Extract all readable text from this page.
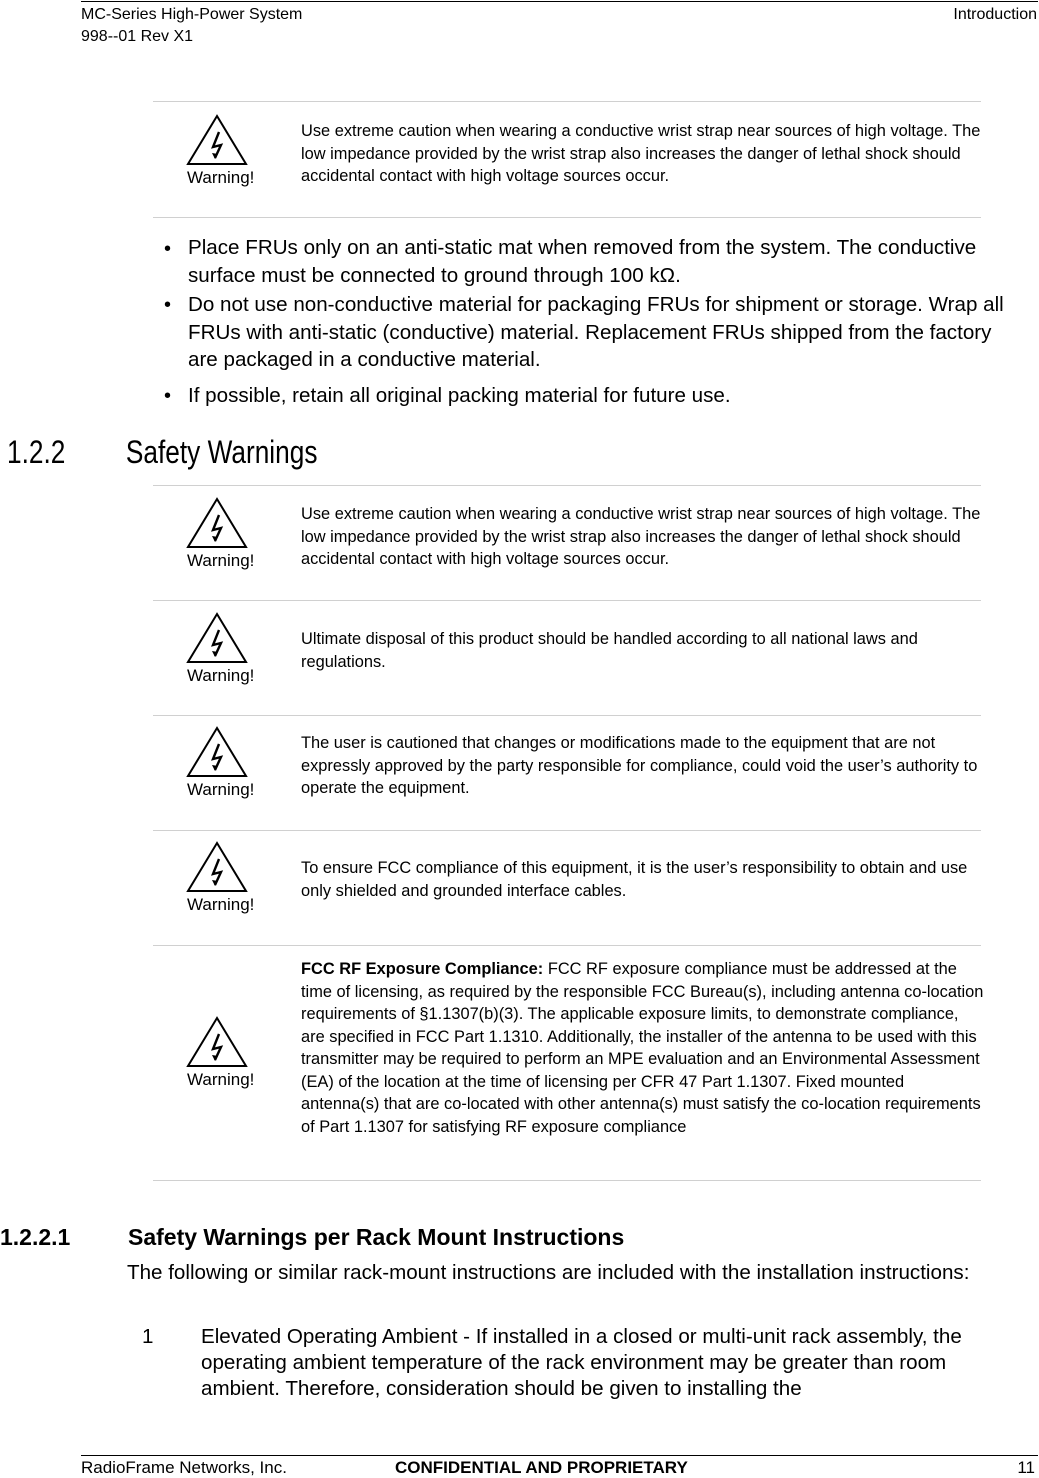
MC-Series High-Power System
998--01 Rev X1
Introduction
Warning!
Use extreme caution when wearing a conductive wrist strap near sources of high voltage. The low impedance provided by the wrist strap also increases the danger of lethal shock should accidental contact with high voltage sources occur.
• Place FRUs only on an anti-static mat when removed from the system. The conductive surface must be connected to ground through 100 kΩ.
• Do not use non-conductive material for packaging FRUs for shipment or storage. Wrap all FRUs with anti-static (conductive) material. Replacement FRUs shipped from the factory are packaged in a conductive material.
• If possible, retain all original packing material for future use.
1.2.2 Safety Warnings
Warning!
Use extreme caution when wearing a conductive wrist strap near sources of high voltage. The low impedance provided by the wrist strap also increases the danger of lethal shock should accidental contact with high voltage sources occur.
Warning!
Ultimate disposal of this product should be handled according to all national laws and regulations.
Warning!
The user is cautioned that changes or modifications made to the equipment that are not expressly approved by the party responsible for compliance, could void the user’s authority to operate the equipment.
Warning!
To ensure FCC compliance of this equipment, it is the user’s responsibility to obtain and use only shielded and grounded interface cables.
Warning!
FCC RF Exposure Compliance: FCC RF exposure compliance must be addressed at the time of licensing, as required by the responsible FCC Bureau(s), including antenna co-location requirements of §1.1307(b)(3). The applicable exposure limits, to demonstrate compliance, are specified in FCC Part 1.1310. Additionally, the installer of the antenna to be used with this transmitter may be required to perform an MPE evaluation and an Environmental Assessment (EA) of the location at the time of licensing per CFR 47 Part 1.1307. Fixed mounted antenna(s) that are co-located with other antenna(s) must satisfy the co-location requirements of Part 1.1307 for satisfying RF exposure compliance
1.2.2.1	Safety Warnings per Rack Mount Instructions
The following or similar rack-mount instructions are included with the installation instructions:
1 Elevated Operating Ambient - If installed in a closed or multi-unit rack assembly, the operating ambient temperature of the rack environment may be greater than room ambient. Therefore, consideration should be given to installing the
RadioFrame Networks, Inc.	CONFIDENTIAL AND PROPRIETARY	11
